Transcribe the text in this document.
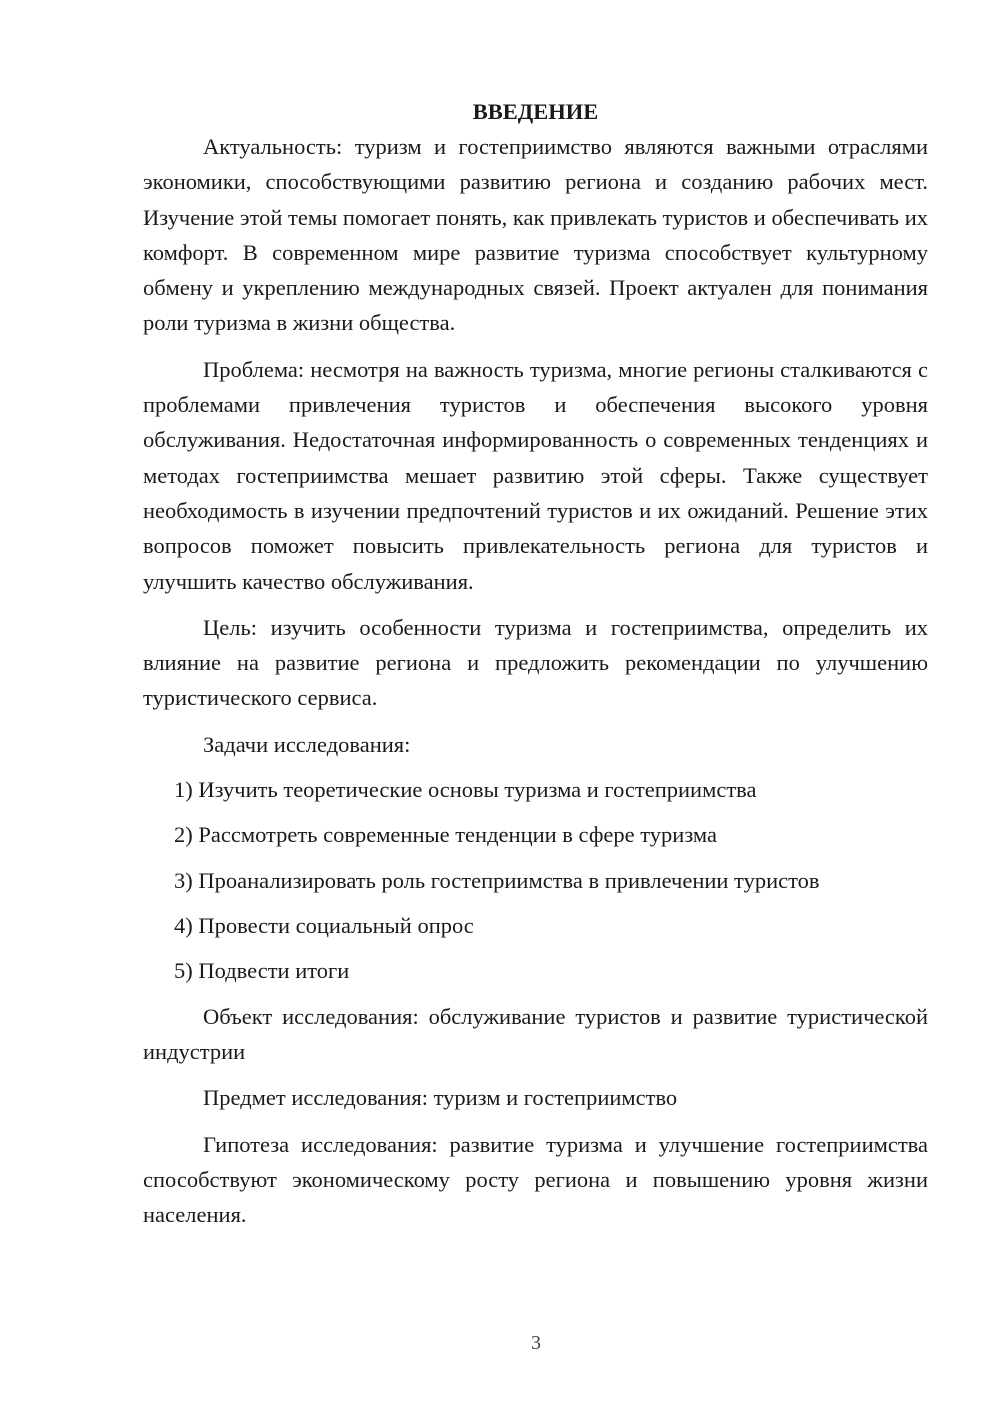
ВВЕДЕНИЕ

Актуальность: туризм и гостеприимство являются важными отраслями экономики, способствующими развитию региона и созданию рабочих мест. Изучение этой темы помогает понять, как привлекать туристов и обеспечивать их комфорт. В современном мире развитие туризма способствует культурному обмену и укреплению международных связей. Проект актуален для понимания роли туризма в жизни общества.

Проблема: несмотря на важность туризма, многие регионы сталкиваются с проблемами привлечения туристов и обеспечения высокого уровня обслуживания. Недостаточная информированность о современных тенденциях и методах гостеприимства мешает развитию этой сферы. Также существует необходимость в изучении предпочтений туристов и их ожиданий. Решение этих вопросов поможет повысить привлекательность региона для туристов и улучшить качество обслуживания.

Цель: изучить особенности туризма и гостеприимства, определить их влияние на развитие региона и предложить рекомендации по улучшению туристического сервиса.

Задачи исследования:

1) Изучить теоретические основы туризма и гостеприимства

2) Рассмотреть современные тенденции в сфере туризма

3) Проанализировать роль гостеприимства в привлечении туристов

4) Провести социальный опрос

5) Подвести итоги

Объект исследования: обслуживание туристов и развитие туристической индустрии

Предмет исследования: туризм и гостеприимство

Гипотеза исследования: развитие туризма и улучшение гостеприимства способствуют экономическому росту региона и повышению уровня жизни населения.

3
